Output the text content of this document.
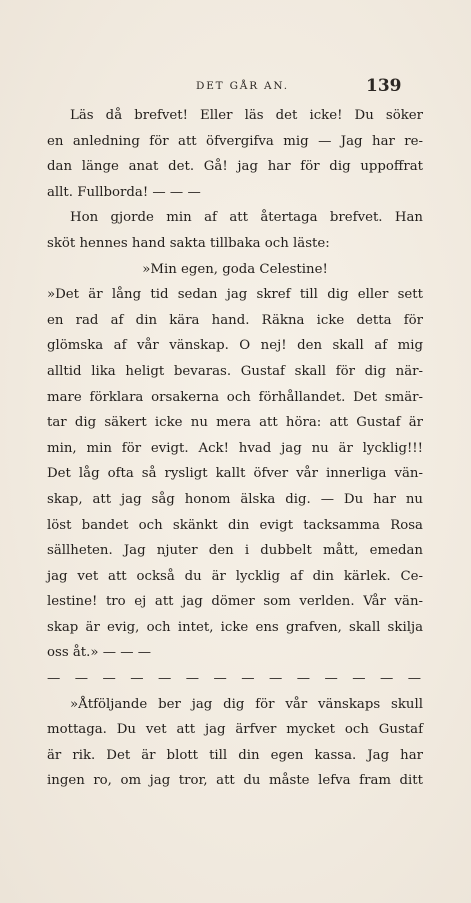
DET GÅR AN.	139
Läs då brefvet! Eller läs det icke! Du söker
en anledning för att öfvergifva mig — Jag har re-
dan länge anat det. Gå! jag har för dig uppoffrat
allt. Fullborda! — — —
Hon gjorde min af att återtaga brefvet. Han
sköt hennes hand sakta tillbaka och läste:
»Min egen, goda Celestine!
»Det är lång tid sedan jag skref till dig eller sett
en rad af din kära hand. Räkna icke detta för
glömska af vår vänskap. O nej! den skall af mig
alltid lika heligt bevaras. Gustaf skall för dig när-
mare förklara orsakerna och förhållandet. Det smär-
tar dig säkert icke nu mera att höra: att Gustaf är
min, min för evigt. Ack! hvad jag nu är lycklig!!!
Det låg ofta så rysligt kallt öfver vår innerliga vän-
skap, att jag såg honom älska dig. — Du har nu
löst bandet och skänkt din evigt tacksamma Rosa
sällheten. Jag njuter den i dubbelt mått, emedan
jag vet att också du är lycklig af din kärlek. Ce-
lestine! tro ej att jag dömer som verlden. Vår vän-
skap är evig, och intet, icke ens grafven, skall skilja
oss åt.» — — —
— — — — — — — — — — — — — —
»Åtföljande ber jag dig för vår vänskaps skull
mottaga. Du vet att jag ärfver mycket och Gustaf
är rik. Det är blott till din egen kassa. Jag har
ingen ro, om jag tror, att du måste lefva fram ditt
